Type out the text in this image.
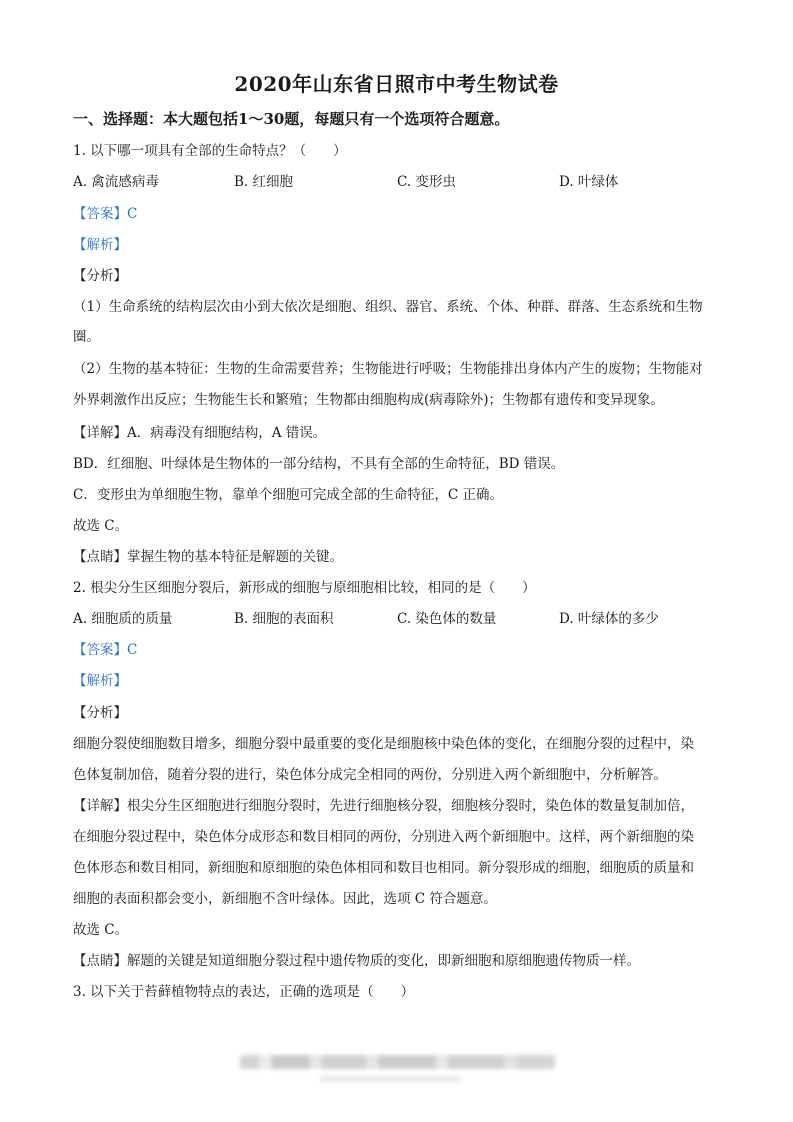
2020年山东省日照市中考生物试卷
一、选择题：本大题包括1～30题，每题只有一个选项符合题意。
1. 以下哪一项具有全部的生命特点？（　　）
A. 禽流感病毒	B. 红细胞	C. 变形虫	D. 叶绿体
【答案】C
【解析】
【分析】
（1）生命系统的结构层次由小到大依次是细胞、组织、器官、系统、个体、种群、群落、生态系统和生物
圈。
（2）生物的基本特征：生物的生命需要营养；生物能进行呼吸；生物能排出身体内产生的废物；生物能对
外界刺激作出反应；生物能生长和繁殖；生物都由细胞构成(病毒除外)；生物都有遗传和变异现象。
【详解】A．病毒没有细胞结构，A 错误。
BD．红细胞、叶绿体是生物体的一部分结构，不具有全部的生命特征，BD 错误。
C．变形虫为单细胞生物，靠单个细胞可完成全部的生命特征，C 正确。
故选 C。
【点睛】掌握生物的基本特征是解题的关键。
2. 根尖分生区细胞分裂后，新形成的细胞与原细胞相比较，相同的是（　　）
A. 细胞质的质量	B. 细胞的表面积	C. 染色体的数量	D. 叶绿体的多少
【答案】C
【解析】
【分析】
细胞分裂使细胞数目增多，细胞分裂中最重要的变化是细胞核中染色体的变化，在细胞分裂的过程中，染
色体复制加倍，随着分裂的进行，染色体分成完全相同的两份，分别进入两个新细胞中，分析解答。
【详解】根尖分生区细胞进行细胞分裂时，先进行细胞核分裂，细胞核分裂时，染色体的数量复制加倍，
在细胞分裂过程中，染色体分成形态和数目相同的两份，分别进入两个新细胞中。这样，两个新细胞的染
色体形态和数目相同，新细胞和原细胞的染色体相同和数目也相同。新分裂形成的细胞，细胞质的质量和
细胞的表面积都会变小，新细胞不含叶绿体。因此，选项 C 符合题意。
故选 C。
【点睛】解题的关键是知道细胞分裂过程中遗传物质的变化，即新细胞和原细胞遗传物质一样。
3. 以下关于苔藓植物特点的表达，正确的选项是（　　）
